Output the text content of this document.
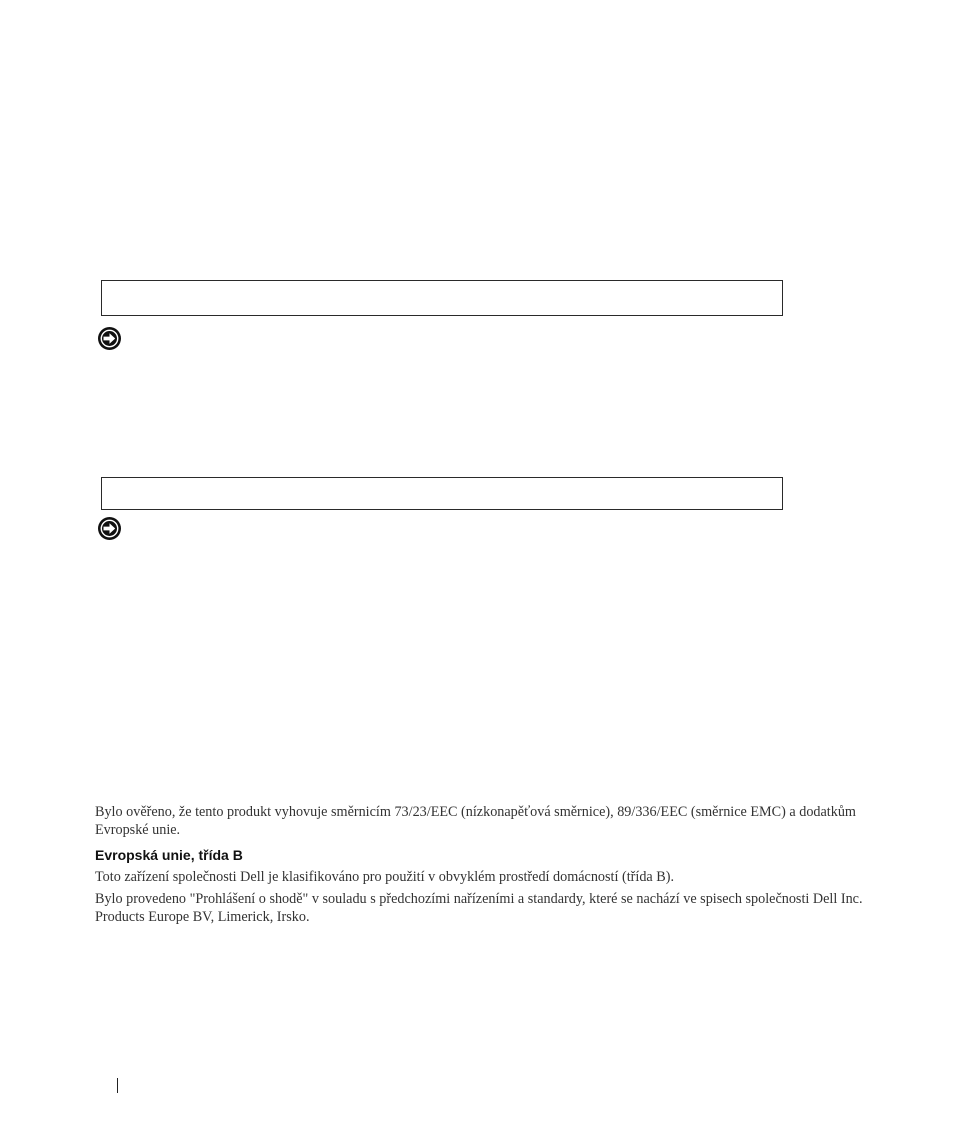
Bylo ověřeno, že tento produkt vyhovuje směrnicím 73/23/EEC (nízkonapěťová směrnice), 89/336/EEC (směrnice EMC) a dodatkům Evropské unie.

Evropská unie, třída B

Toto zařízení společnosti Dell je klasifikováno pro použití v obvyklém prostředí domácností (třída B).

Bylo provedeno "Prohlášení o shodě" v souladu s předchozími nařízeními a standardy, které se nachází ve spisech společnosti Dell Inc. Products Europe BV, Limerick, Irsko.
